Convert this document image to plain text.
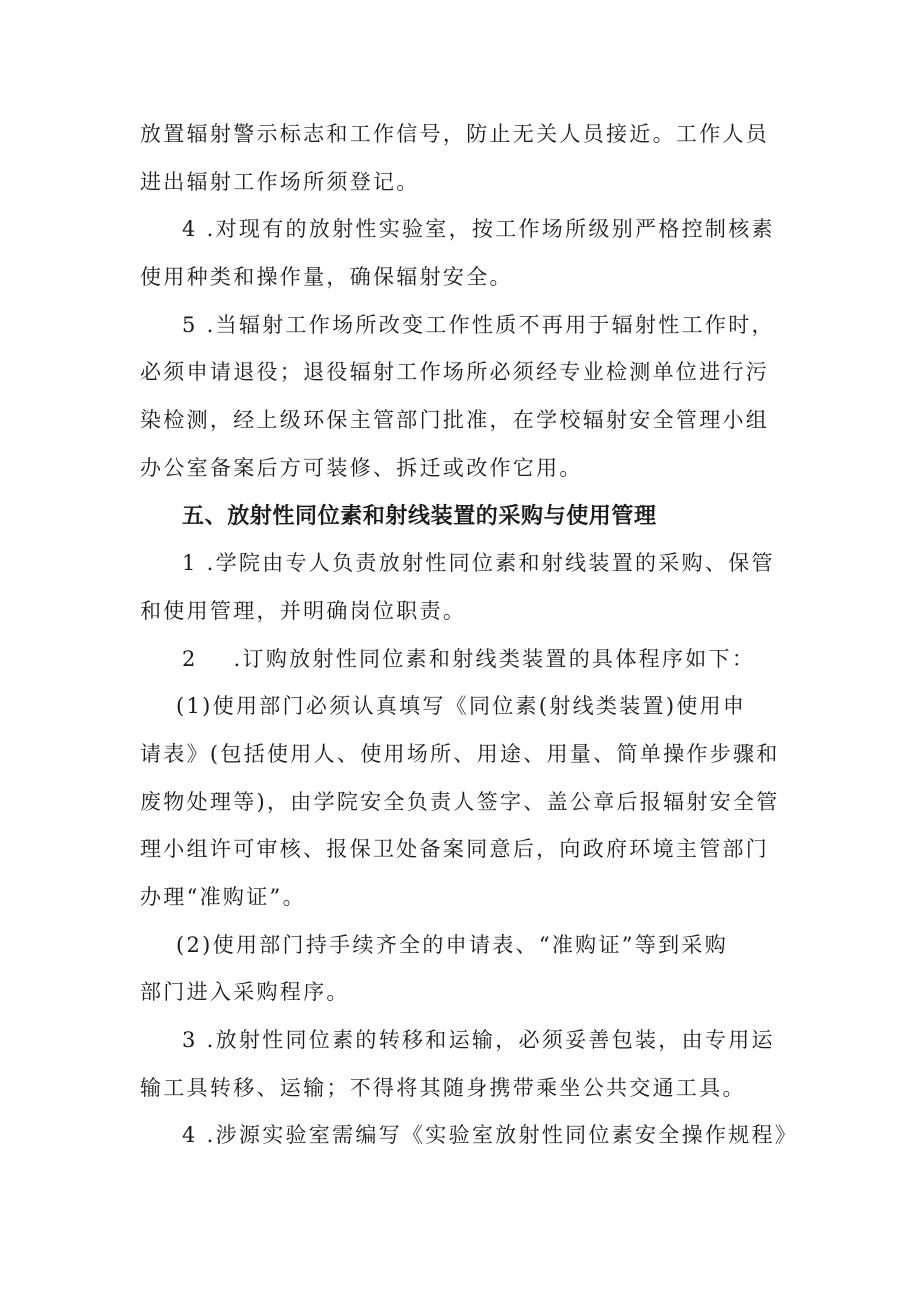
放置辐射警示标志和工作信号，防止无关人员接近。工作人员
进出辐射工作场所须登记。
4 .对现有的放射性实验室，按工作场所级别严格控制核素
使用种类和操作量，确保辐射安全。
5 .当辐射工作场所改变工作性质不再用于辐射性工作时，
必须申请退役；退役辐射工作场所必须经专业检测单位进行污
染检测，经上级环保主管部门批准，在学校辐射安全管理小组
办公室备案后方可装修、拆迁或改作它用。
五、放射性同位素和射线装置的采购与使用管理
1 .学院由专人负责放射性同位素和射线装置的采购、保管
和使用管理，并明确岗位职责。
2    .订购放射性同位素和射线类装置的具体程序如下：
(1)使用部门必须认真填写《同位素(射线类装置)使用申
请表》(包括使用人、使用场所、用途、用量、简单操作步骤和
废物处理等)，由学院安全负责人签字、盖公章后报辐射安全管
理小组许可审核、报保卫处备案同意后，向政府环境主管部门
办理“准购证”。
(2)使用部门持手续齐全的申请表、“准购证”等到采购
部门进入采购程序。
3 .放射性同位素的转移和运输，必须妥善包装，由专用运
输工具转移、运输；不得将其随身携带乘坐公共交通工具。
4 .涉源实验室需编写《实验室放射性同位素安全操作规程》
